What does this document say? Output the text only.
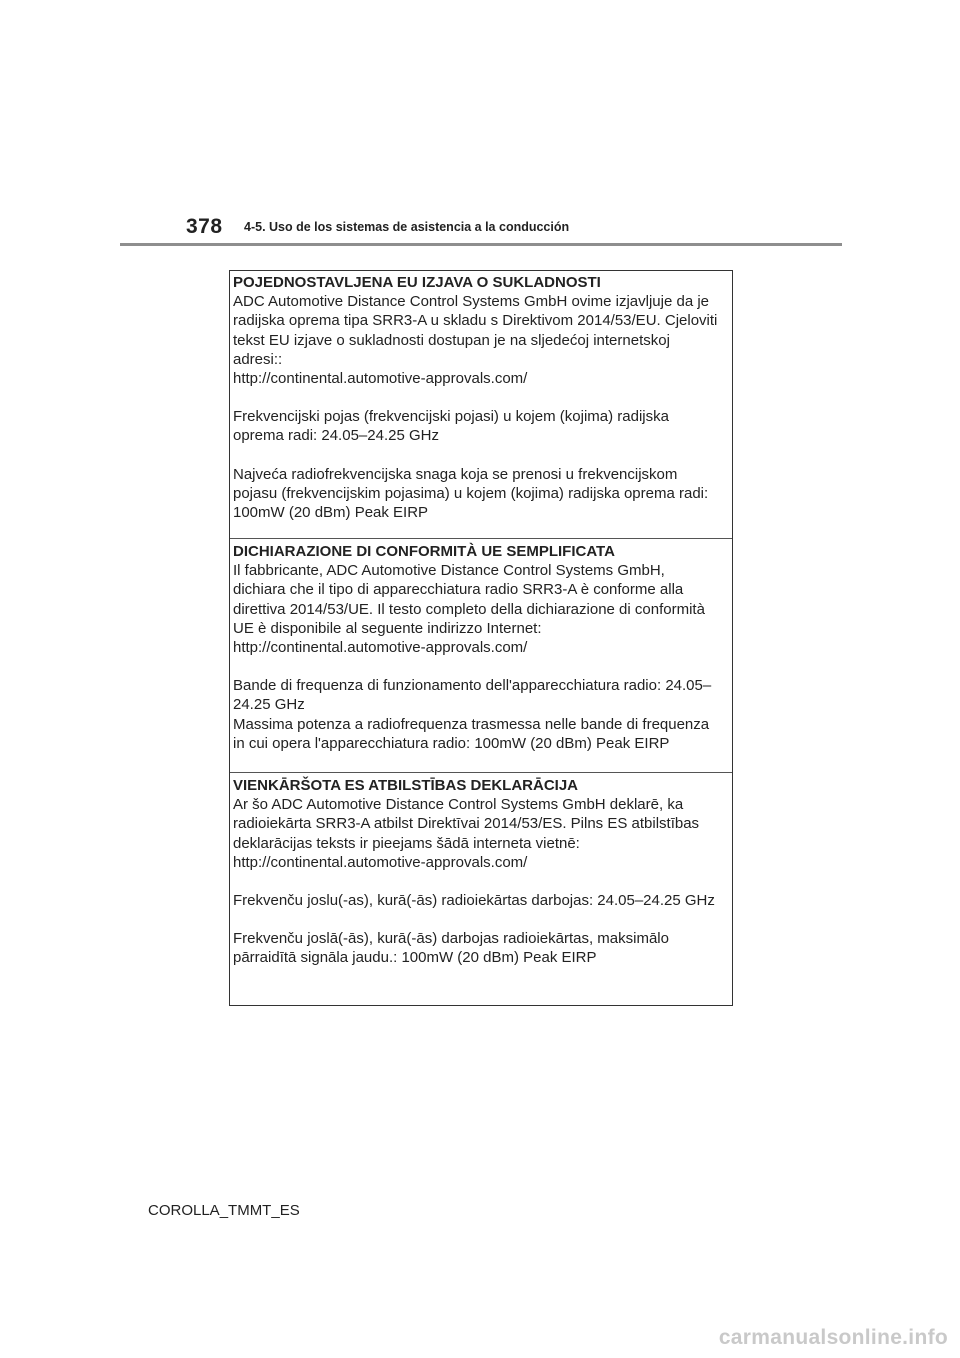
378 4-5. Uso de los sistemas de asistencia a la conducción
POJEDNOSTAVLJENA EU IZJAVA O SUKLADNOSTI

ADC Automotive Distance Control Systems GmbH ovime izjavljuje da je
radijska oprema tipa SRR3-A u skladu s Direktivom 2014/53/EU. Cjeloviti
tekst EU izjave o sukladnosti dostupan je na sljedećoj internetskoj
adresi::
http://continental.automotive-approvals.com/

Frekvencijski pojas (frekvencijski pojasi) u kojem (kojima) radijska
oprema radi: 24.05–24.25 GHz

Najveća radiofrekvencijska snaga koja se prenosi u frekvencijskom
pojasu (frekvencijskim pojasima) u kojem (kojima) radijska oprema radi:
100mW (20 dBm) Peak EIRP

DICHIARAZIONE DI CONFORMITÀ UE SEMPLIFICATA

Il fabbricante, ADC Automotive Distance Control Systems GmbH,
dichiara che il tipo di apparecchiatura radio SRR3-A è conforme alla
direttiva 2014/53/UE. Il testo completo della dichiarazione di conformità
UE è disponibile al seguente indirizzo Internet:
http://continental.automotive-approvals.com/

Bande di frequenza di funzionamento dell'apparecchiatura radio: 24.05–
24.25 GHz
Massima potenza a radiofrequenza trasmessa nelle bande di frequenza
in cui opera l'apparecchiatura radio: 100mW (20 dBm) Peak EIRP

VIENKĀRŠOTA ES ATBILSTĪBAS DEKLARĀCIJA

Ar šo ADC Automotive Distance Control Systems GmbH deklarē, ka
radioiekārta SRR3-A atbilst Direktīvai 2014/53/ES. Pilns ES atbilstības
deklarācijas teksts ir pieejams šādā interneta vietnē:
http://continental.automotive-approvals.com/

Frekvenču joslu(-as), kurā(-ās) radioiekārtas darbojas: 24.05–24.25 GHz

Frekvenču joslā(-ās), kurā(-ās) darbojas radioiekārtas, maksimālo pārraidītā signāla jaudu.: 100mW (20 dBm) Peak EIRP

COROLLA_TMMT_ES
carmanualsonline.info
